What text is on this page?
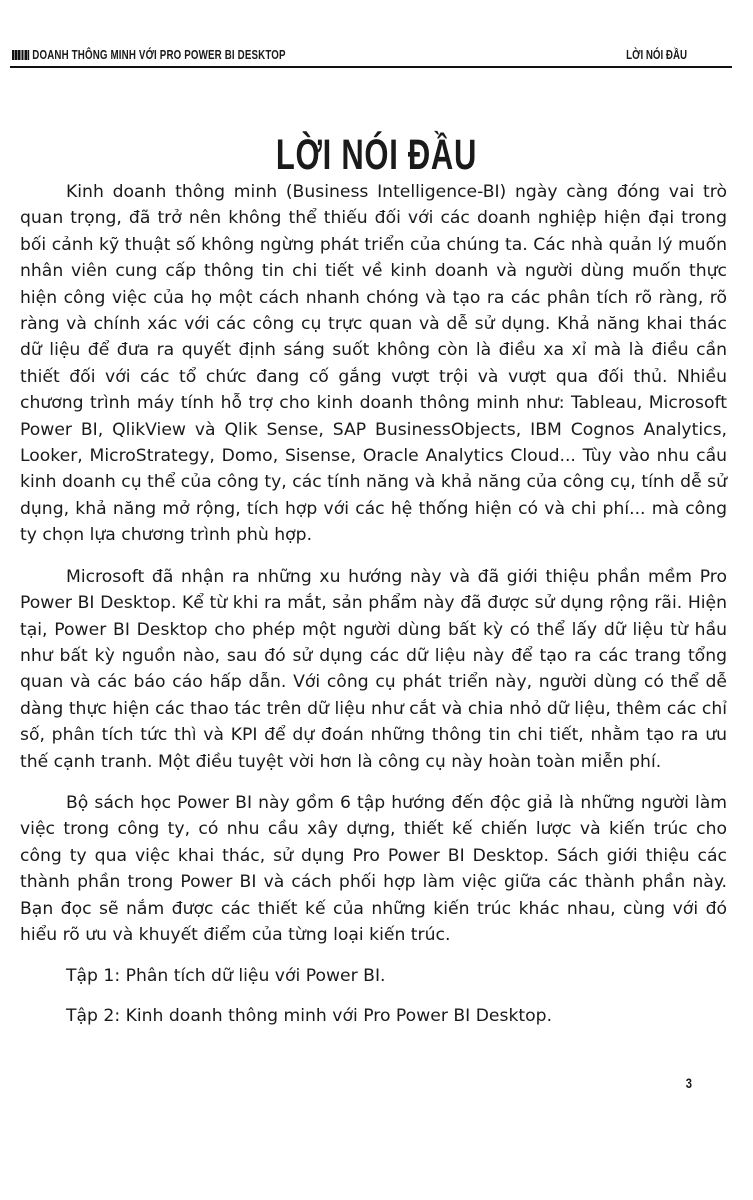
DOANH THÔNG MINH VỚI PRO POWER BI DESKTOP	LỜI NÓI ĐẦU
LỜI NÓI ĐẦU

Kinh doanh thông minh (Business Intelligence-BI) ngày càng đóng vai trò quan trọng, đã trở nên không thể thiếu đối với các doanh nghiệp hiện đại trong bối cảnh kỹ thuật số không ngừng phát triển của chúng ta. Các nhà quản lý muốn nhân viên cung cấp thông tin chi tiết về kinh doanh và người dùng muốn thực hiện công việc của họ một cách nhanh chóng và tạo ra các phân tích rõ ràng, rõ ràng và chính xác với các công cụ trực quan và dễ sử dụng. Khả năng khai thác dữ liệu để đưa ra quyết định sáng suốt không còn là điều xa xỉ mà là điều cần thiết đối với các tổ chức đang cố gắng vượt trội và vượt qua đối thủ. Nhiều chương trình máy tính hỗ trợ cho kinh doanh thông minh như: Tableau, Microsoft Power BI, QlikView và Qlik Sense, SAP BusinessObjects, IBM Cognos Analytics, Looker, MicroStrategy, Domo, Sisense, Oracle Analytics Cloud... Tùy vào nhu cầu kinh doanh cụ thể của công ty, các tính năng và khả năng của công cụ, tính dễ sử dụng, khả năng mở rộng, tích hợp với các hệ thống hiện có và chi phí... mà công ty chọn lựa chương trình phù hợp.

Microsoft đã nhận ra những xu hướng này và đã giới thiệu phần mềm Pro Power BI Desktop. Kể từ khi ra mắt, sản phẩm này đã được sử dụng rộng rãi. Hiện tại, Power BI Desktop cho phép một người dùng bất kỳ có thể lấy dữ liệu từ hầu như bất kỳ nguồn nào, sau đó sử dụng các dữ liệu này để tạo ra các trang tổng quan và các báo cáo hấp dẫn. Với công cụ phát triển này, người dùng có thể dễ dàng thực hiện các thao tác trên dữ liệu như cắt và chia nhỏ dữ liệu, thêm các chỉ số, phân tích tức thì và KPI để dự đoán những thông tin chi tiết, nhằm tạo ra ưu thế cạnh tranh. Một điều tuyệt vời hơn là công cụ này hoàn toàn miễn phí.

Bộ sách học Power BI này gồm 6 tập hướng đến độc giả là những người làm việc trong công ty, có nhu cầu xây dựng, thiết kế chiến lược và kiến trúc cho công ty qua việc khai thác, sử dụng Pro Power BI Desktop. Sách giới thiệu các thành phần trong Power BI và cách phối hợp làm việc giữa các thành phần này. Bạn đọc sẽ nắm được các thiết kế của những kiến trúc khác nhau, cùng với đó hiểu rõ ưu và khuyết điểm của từng loại kiến trúc.

Tập 1: Phân tích dữ liệu với Power BI.

Tập 2: Kinh doanh thông minh với Pro Power BI Desktop.

3
